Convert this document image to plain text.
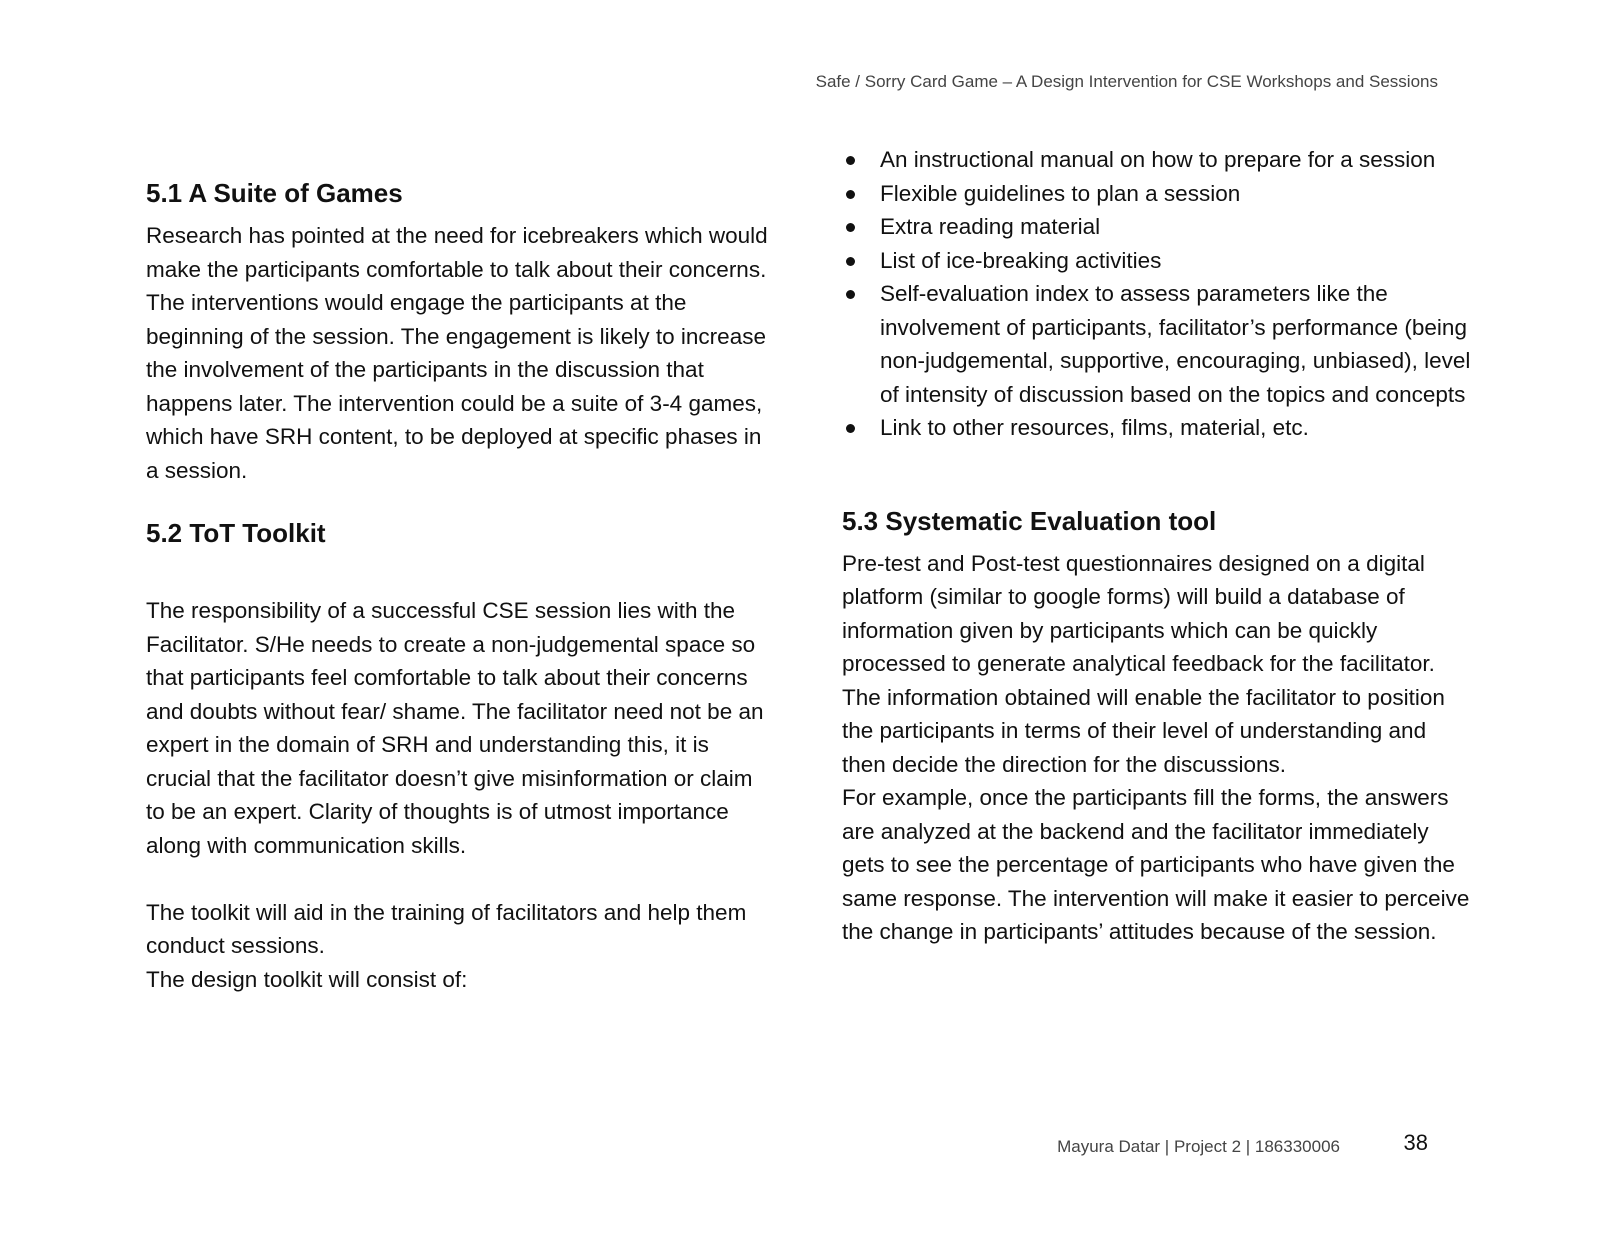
Safe / Sorry Card Game – A Design Intervention for CSE Workshops and Sessions
5.1 A Suite of Games

Research has pointed at the need for icebreakers which would make the participants comfortable to talk about their concerns. The interventions would engage the participants at the beginning of the session. The engagement is likely to increase the involvement of the participants in the discussion that happens later. The intervention could be a suite of 3-4 games, which have SRH content, to be deployed at specific phases in a session.

5.2 ToT Toolkit

The responsibility of a successful CSE session lies with the Facilitator. S/He needs to create a non-judgemental space so that participants feel comfortable to talk about their concerns and doubts without fear/ shame. The facilitator need not be an expert in the domain of SRH and understanding this, it is crucial that the facilitator doesn’t give misinformation or claim to be an expert. Clarity of thoughts is of utmost importance along with communication skills.

The toolkit will aid in the training of facilitators and help them conduct sessions.

The design toolkit will consist of:

An instructional manual on how to prepare for a session
Flexible guidelines to plan a session
Extra reading material
List of ice-breaking activities
Self-evaluation index to assess parameters like the involvement of participants, facilitator’s performance (being non-judgemental, supportive, encouraging, unbiased), level of intensity of discussion based on the topics and concepts
Link to other resources, films, material, etc.
5.3 Systematic Evaluation tool

Pre-test and Post-test questionnaires designed on a digital platform (similar to google forms) will build a database of information given by participants which can be quickly processed to generate analytical feedback for the facilitator. The information obtained will enable the facilitator to position the participants in terms of their level of understanding and then decide the direction for the discussions.

For example, once the participants fill the forms, the answers are analyzed at the backend and the facilitator immediately gets to see the percentage of participants who have given the same response. The intervention will make it easier to perceive the change in participants’ attitudes because of the session.

Mayura Datar | Project 2 | 186330006	38
